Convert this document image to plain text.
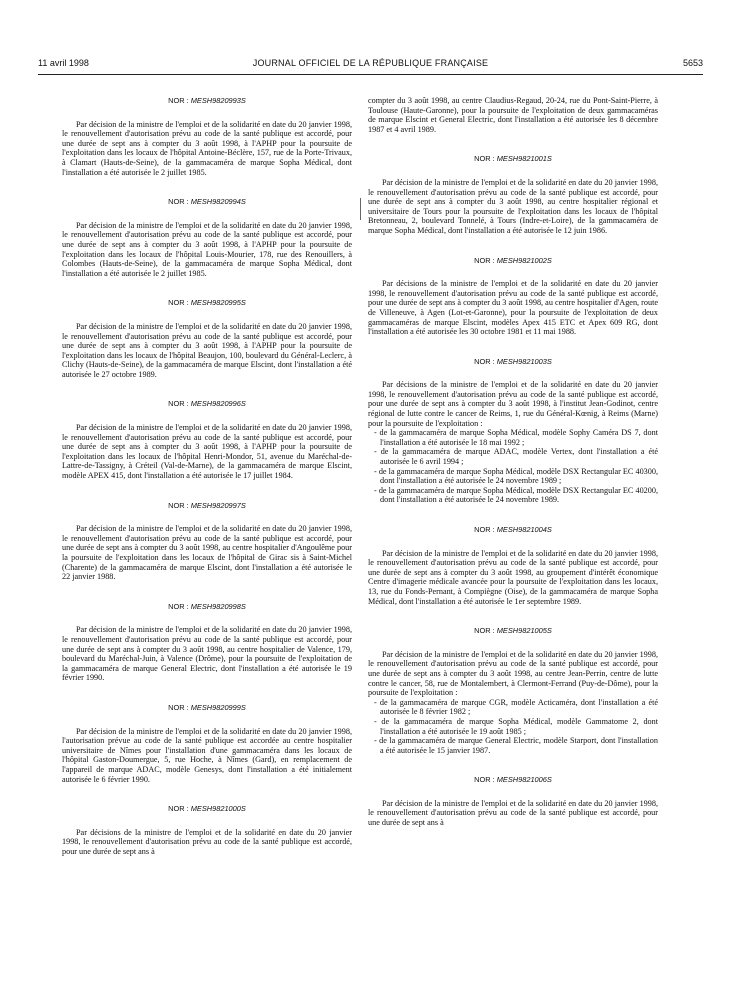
11 avril 1998	JOURNAL OFFICIEL DE LA RÉPUBLIQUE FRANÇAISE	5653
NOR : MESH9820993S

Par décision de la ministre de l'emploi et de la solidarité en date du 20 janvier 1998, le renouvellement d'autorisation prévu au code de la santé publique est accordé, pour une durée de sept ans à compter du 3 août 1998, à l'APHP pour la poursuite de l'exploitation dans les locaux de l'hôpital Antoine-Béclère, 157, rue de la Porte-Trivaux, à Clamart (Hauts-de-Seine), de la gammacaméra de marque Sopha Médical, dont l'installation a été autorisée le 2 juillet 1985.

NOR : MESH9820994S

Par décision de la ministre de l'emploi et de la solidarité en date du 20 janvier 1998, le renouvellement d'autorisation prévu au code de la santé publique est accordé, pour une durée de sept ans à compter du 3 août 1998, à l'APHP pour la poursuite de l'exploitation dans les locaux de l'hôpital Louis-Mourier, 178, rue des Renouillers, à Colombes (Hauts-de-Seine), de la gammacaméra de marque Sopha Médical, dont l'installation a été autorisée le 2 juillet 1985.

NOR : MESH9820995S

Par décision de la ministre de l'emploi et de la solidarité en date du 20 janvier 1998, le renouvellement d'autorisation prévu au code de la santé publique est accordé, pour une durée de sept ans à compter du 3 août 1998, à l'APHP pour la poursuite de l'exploitation dans les locaux de l'hôpital Beaujon, 100, boulevard du Général-Leclerc, à Clichy (Hauts-de-Seine), de la gammacaméra de marque Elscint, dont l'installation a été autorisée le 27 octobre 1989.

NOR : MESH9820996S

Par décision de la ministre de l'emploi et de la solidarité en date du 20 janvier 1998, le renouvellement d'autorisation prévu au code de la santé publique est accordé, pour une durée de sept ans à compter du 3 août 1998, à l'APHP pour la poursuite de l'exploitation dans les locaux de l'hôpital Henri-Mondor, 51, avenue du Maréchal-de-Lattre-de-Tassigny, à Créteil (Val-de-Marne), de la gammacaméra de marque Elscint, modèle APEX 415, dont l'installation a été autorisée le 17 juillet 1984.

NOR : MESH9820997S

Par décision de la ministre de l'emploi et de la solidarité en date du 20 janvier 1998, le renouvellement d'autorisation prévu au code de la santé publique est accordé, pour une durée de sept ans à compter du 3 août 1998, au centre hospitalier d'Angoulême pour la poursuite de l'exploitation dans les locaux de l'hôpital de Girac sis à Saint-Michel (Charente) de la gammacaméra de marque Elscint, dont l'installation a été autorisée le 22 janvier 1988.

NOR : MESH9820998S

Par décision de la ministre de l'emploi et de la solidarité en date du 20 janvier 1998, le renouvellement d'autorisation prévu au code de la santé publique est accordé, pour une durée de sept ans à compter du 3 août 1998, au centre hospitalier de Valence, 179, boulevard du Maréchal-Juin, à Valence (Drôme), pour la poursuite de l'exploitation de la gammacaméra de marque General Electric, dont l'installation a été autorisée le 19 février 1990.

NOR : MESH9820999S

Par décision de la ministre de l'emploi et de la solidarité en date du 20 janvier 1998, l'autorisation prévue au code de la santé publique est accordée au centre hospitalier universitaire de Nîmes pour l'installation d'une gammacaméra dans les locaux de l'hôpital Gaston-Doumergue, 5, rue Hoche, à Nîmes (Gard), en remplacement de l'appareil de marque ADAC, modèle Genesys, dont l'installation a été initialement autorisée le 6 février 1990.

NOR : MESH9821000S

Par décisions de la ministre de l'emploi et de la solidarité en date du 20 janvier 1998, le renouvellement d'autorisation prévu au code de la santé publique est accordé, pour une durée de sept ans à

compter du 3 août 1998, au centre Claudius-Regaud, 20-24, rue du Pont-Saint-Pierre, à Toulouse (Haute-Garonne), pour la poursuite de l'exploitation de deux gammacaméras de marque Elscint et General Electric, dont l'installation a été autorisée les 8 décembre 1987 et 4 avril 1989.

NOR : MESH9821001S

Par décision de la ministre de l'emploi et de la solidarité en date du 20 janvier 1998, le renouvellement d'autorisation prévu au code de la santé publique est accordé, pour une durée de sept ans à compter du 3 août 1998, au centre hospitalier régional et universitaire de Tours pour la poursuite de l'exploitation dans les locaux de l'hôpital Bretonneau, 2, boulevard Tonnelé, à Tours (Indre-et-Loire), de la gammacaméra de marque Sopha Médical, dont l'installation a été autorisée le 12 juin 1986.

NOR : MESH9821002S

Par décisions de la ministre de l'emploi et de la solidarité en date du 20 janvier 1998, le renouvellement d'autorisation prévu au code de la santé publique est accordé, pour une durée de sept ans à compter du 3 août 1998, au centre hospitalier d'Agen, route de Villeneuve, à Agen (Lot-et-Garonne), pour la poursuite de l'exploitation de deux gammacaméras de marque Elscint, modèles Apex 415 ETC et Apex 609 RG, dont l'installation a été autorisée les 30 octobre 1981 et 11 mai 1988.

NOR : MESH9821003S

Par décisions de la ministre de l'emploi et de la solidarité en date du 20 janvier 1998, le renouvellement d'autorisation prévu au code de la santé publique est accordé, pour une durée de sept ans à compter du 3 août 1998, à l'institut Jean-Godinot, centre régional de lutte contre le cancer de Reims, 1, rue du Général-Kœnig, à Reims (Marne) pour la poursuite de l'exploitation :

- de la gammacaméra de marque Sopha Médical, modèle Sophy Caméra DS 7, dont l'installation a été autorisée le 18 mai 1992 ;
- de la gammacaméra de marque ADAC, modèle Vertex, dont l'installation a été autorisée le 6 avril 1994 ;
- de la gammacaméra de marque Sopha Médical, modèle DSX Rectangular EC 40300, dont l'installation a été autorisée le 24 novembre 1989 ;
- de la gammacaméra de marque Sopha Médical, modèle DSX Rectangular EC 40200, dont l'installation a été autorisée le 24 novembre 1989.
NOR : MESH9821004S

Par décision de la ministre de l'emploi et de la solidarité en date du 20 janvier 1998, le renouvellement d'autorisation prévu au code de la santé publique est accordé, pour une durée de sept ans à compter du 3 août 1998, au groupement d'intérêt économique Centre d'imagerie médicale avancée pour la poursuite de l'exploitation dans les locaux, 13, rue du Fonds-Pernant, à Compiègne (Oise), de la gammacaméra de marque Sopha Médical, dont l'installation a été autorisée le 1er septembre 1989.

NOR : MESH9821005S

Par décision de la ministre de l'emploi et de la solidarité en date du 20 janvier 1998, le renouvellement d'autorisation prévu au code de la santé publique est accordé, pour une durée de sept ans à compter du 3 août 1998, au centre Jean-Perrin, centre de lutte contre le cancer, 58, rue de Montalembert, à Clermont-Ferrand (Puy-de-Dôme), pour la poursuite de l'exploitation :

- de la gammacaméra de marque CGR, modèle Acticaméra, dont l'installation a été autorisée le 8 février 1982 ;
- de la gammacaméra de marque Sopha Médical, modèle Gammatome 2, dont l'installation a été autorisée le 19 août 1985 ;
- de la gammacaméra de marque General Electric, modèle Starport, dont l'installation a été autorisée le 15 janvier 1987.
NOR : MESH9821006S

Par décision de la ministre de l'emploi et de la solidarité en date du 20 janvier 1998, le renouvellement d'autorisation prévu au code de la santé publique est accordé, pour une durée de sept ans à
